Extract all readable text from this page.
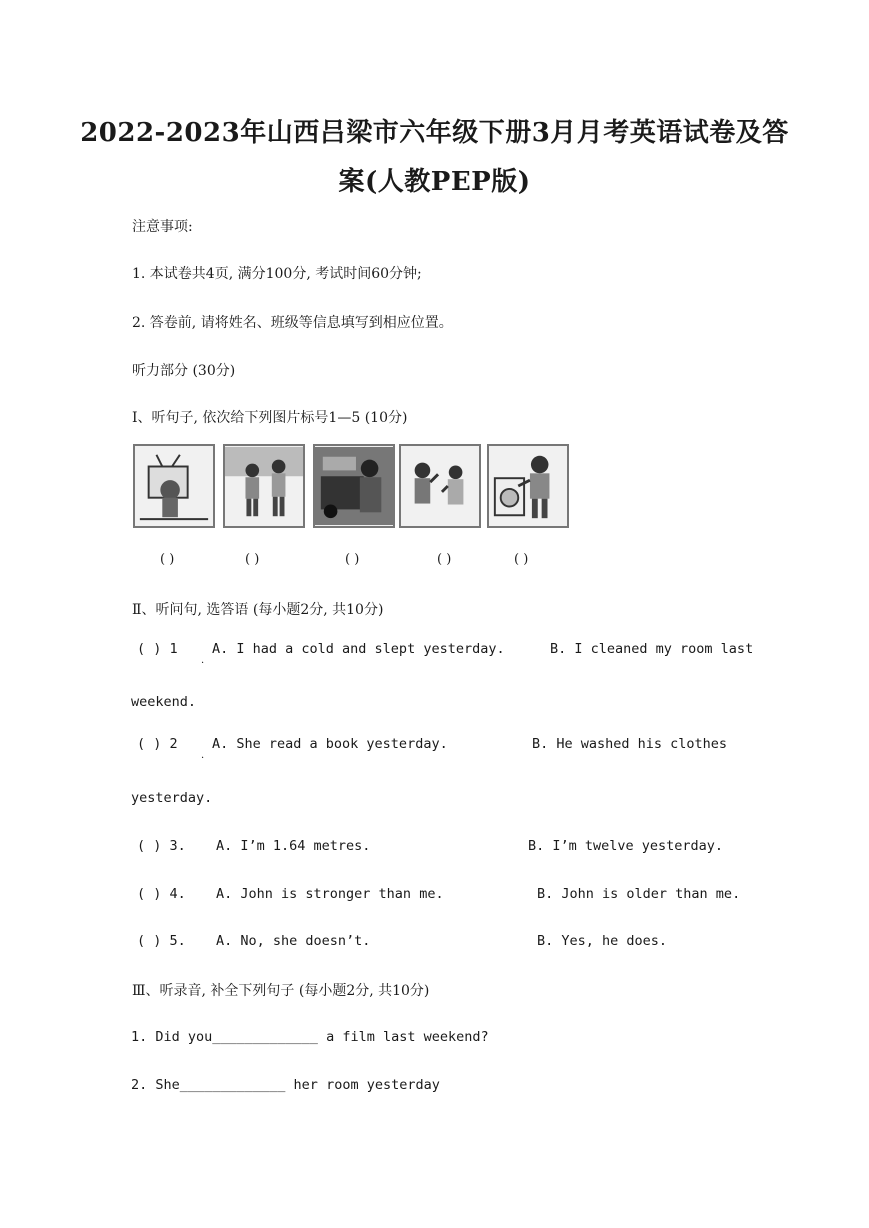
2022-2023年山西吕梁市六年级下册3月月考英语试卷及答
案(人教PEP版)
注意事项:
1. 本试卷共4页, 满分100分, 考试时间60分钟;
2. 答卷前, 请将姓名、班级等信息填写到相应位置。
听力部分 (30分)
Ⅰ、听句子, 依次给下列图片标号1—5 (10分)
( )	( )	( )	( )	( )
Ⅱ、听问句, 选答语 (每小题2分, 共10分)
( ) 1
·
A. I had a cold and slept yesterday.	B. I cleaned my room last
weekend.
( ) 2
·
A. She read a book yesterday.	B. He washed his clothes
yesterday.
( ) 3. A. I’m 1.64 metres.	B. I’m twelve yesterday.
( ) 4. A. John is stronger than me.	B. John is older than me.
( ) 5. A. No, she doesn’t.	B. Yes, he does.
Ⅲ、听录音, 补全下列句子 (每小题2分, 共10分)
1. Did you_____________ a film last weekend?
2. She_____________ her room yesterday
